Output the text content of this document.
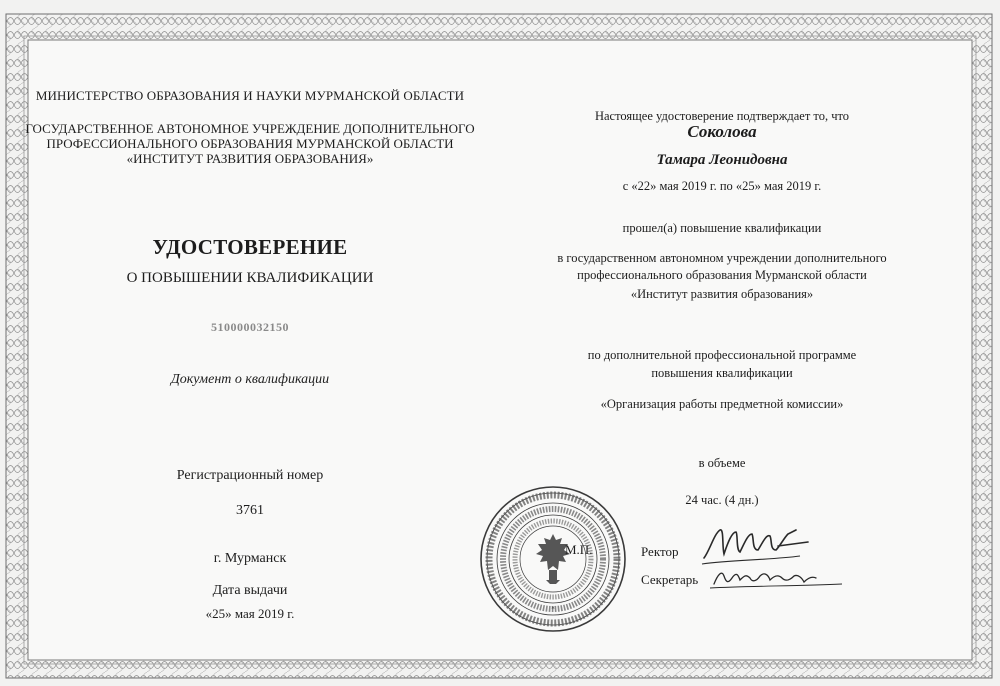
МИНИСТЕРСТВО ОБРАЗОВАНИЯ И НАУКИ МУРМАНСКОЙ ОБЛАСТИ
ГОСУДАРСТВЕННОЕ АВТОНОМНОЕ УЧРЕЖДЕНИЕ ДОПОЛНИТЕЛЬНОГО
ПРОФЕССИОНАЛЬНОГО ОБРАЗОВАНИЯ МУРМАНСКОЙ ОБЛАСТИ
«ИНСТИТУТ РАЗВИТИЯ ОБРАЗОВАНИЯ»
УДОСТОВЕРЕНИЕ
О ПОВЫШЕНИИ КВАЛИФИКАЦИИ
510000032150
Документ о квалификации
Регистрационный номер
3761
г. Мурманск
Дата выдачи
«25» мая 2019 г.
Настоящее удостоверение подтверждает то, что
Соколова
Тамара Леонидовна
с «22» мая 2019 г. по «25» мая 2019 г.
прошел(а) повышение квалификации
в государственном автономном учреждении дополнительного
профессионального образования Мурманской области
«Институт развития образования»
по дополнительной профессиональной программе
повышения квалификации
«Организация работы предметной комиссии»
в объеме
24 час. (4 дн.)
*
М.П.	Ректор
Секретарь
